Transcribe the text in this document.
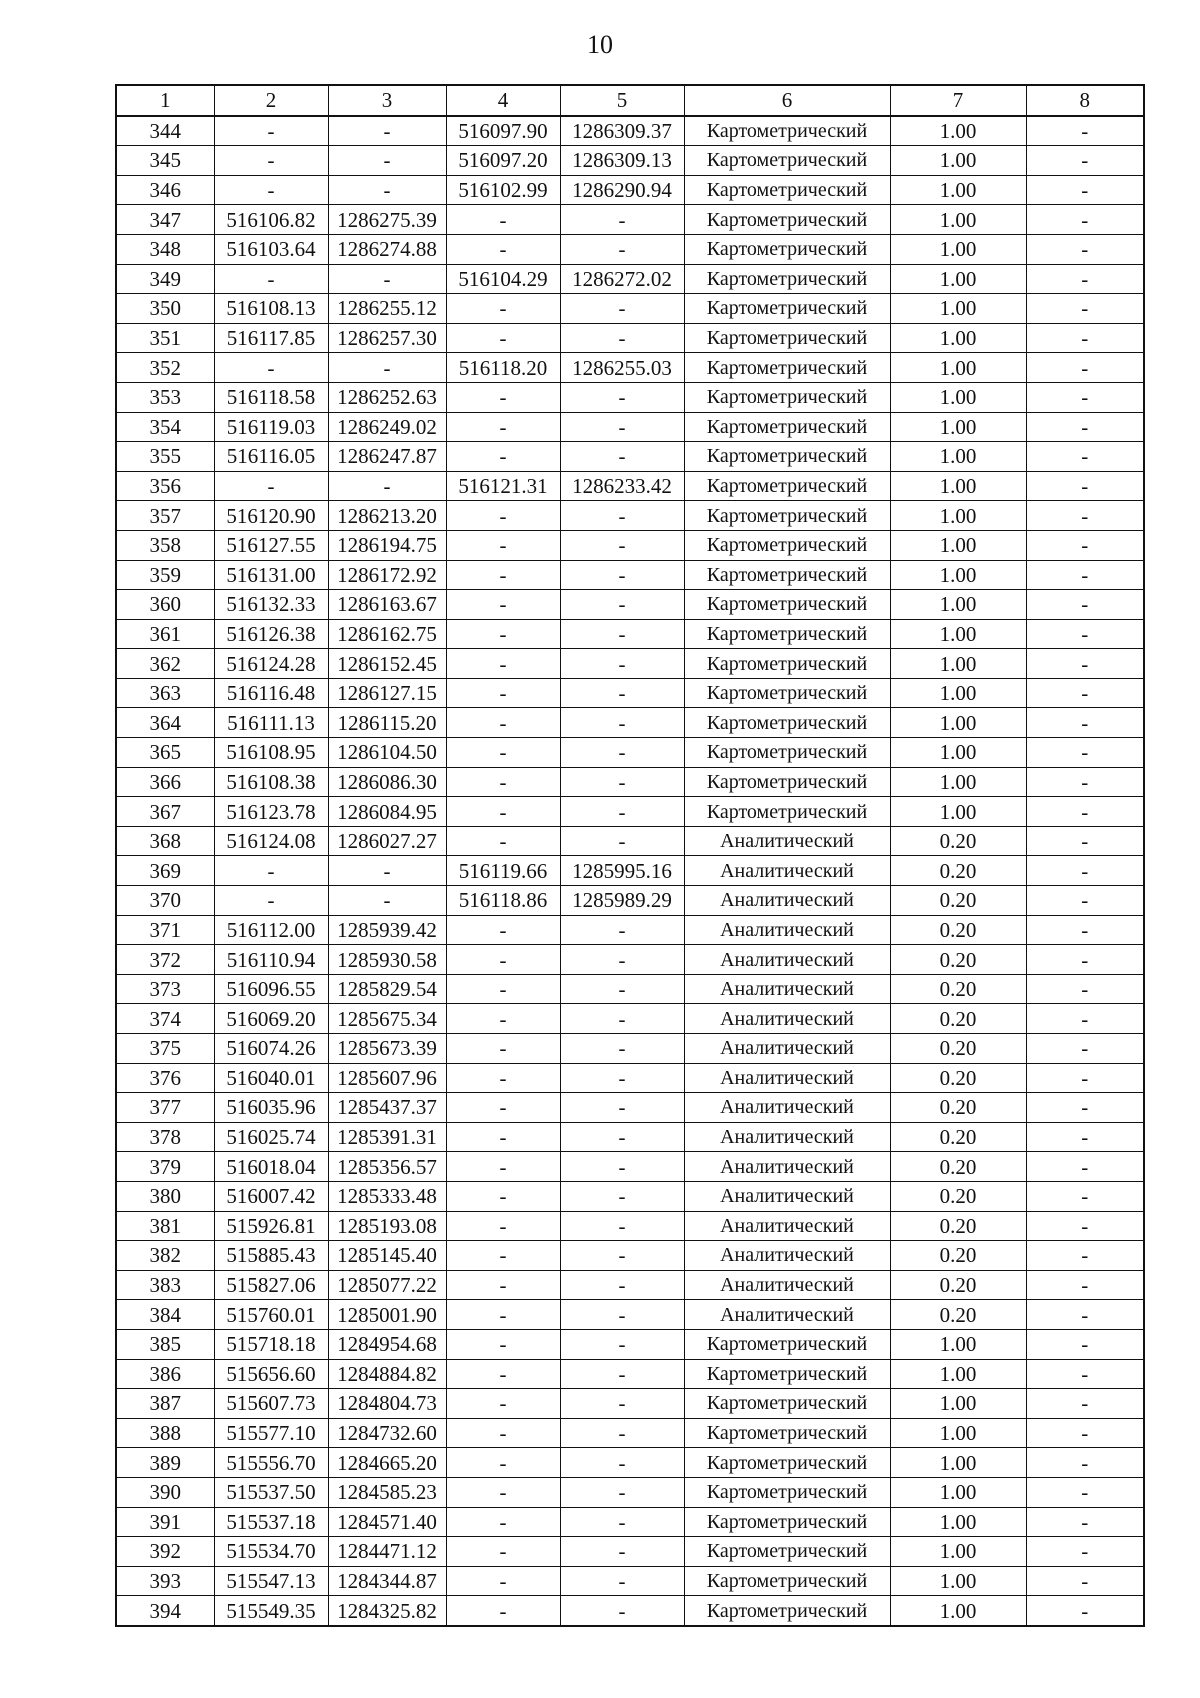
10
1	2	3	4	5	6	7	8
344	-	-	516097.90	1286309.37	Картометрический	1.00	-
345	-	-	516097.20	1286309.13	Картометрический	1.00	-
346	-	-	516102.99	1286290.94	Картометрический	1.00	-
347	516106.82	1286275.39	-	-	Картометрический	1.00	-
348	516103.64	1286274.88	-	-	Картометрический	1.00	-
349	-	-	516104.29	1286272.02	Картометрический	1.00	-
350	516108.13	1286255.12	-	-	Картометрический	1.00	-
351	516117.85	1286257.30	-	-	Картометрический	1.00	-
352	-	-	516118.20	1286255.03	Картометрический	1.00	-
353	516118.58	1286252.63	-	-	Картометрический	1.00	-
354	516119.03	1286249.02	-	-	Картометрический	1.00	-
355	516116.05	1286247.87	-	-	Картометрический	1.00	-
356	-	-	516121.31	1286233.42	Картометрический	1.00	-
357	516120.90	1286213.20	-	-	Картометрический	1.00	-
358	516127.55	1286194.75	-	-	Картометрический	1.00	-
359	516131.00	1286172.92	-	-	Картометрический	1.00	-
360	516132.33	1286163.67	-	-	Картометрический	1.00	-
361	516126.38	1286162.75	-	-	Картометрический	1.00	-
362	516124.28	1286152.45	-	-	Картометрический	1.00	-
363	516116.48	1286127.15	-	-	Картометрический	1.00	-
364	516111.13	1286115.20	-	-	Картометрический	1.00	-
365	516108.95	1286104.50	-	-	Картометрический	1.00	-
366	516108.38	1286086.30	-	-	Картометрический	1.00	-
367	516123.78	1286084.95	-	-	Картометрический	1.00	-
368	516124.08	1286027.27	-	-	Аналитический	0.20	-
369	-	-	516119.66	1285995.16	Аналитический	0.20	-
370	-	-	516118.86	1285989.29	Аналитический	0.20	-
371	516112.00	1285939.42	-	-	Аналитический	0.20	-
372	516110.94	1285930.58	-	-	Аналитический	0.20	-
373	516096.55	1285829.54	-	-	Аналитический	0.20	-
374	516069.20	1285675.34	-	-	Аналитический	0.20	-
375	516074.26	1285673.39	-	-	Аналитический	0.20	-
376	516040.01	1285607.96	-	-	Аналитический	0.20	-
377	516035.96	1285437.37	-	-	Аналитический	0.20	-
378	516025.74	1285391.31	-	-	Аналитический	0.20	-
379	516018.04	1285356.57	-	-	Аналитический	0.20	-
380	516007.42	1285333.48	-	-	Аналитический	0.20	-
381	515926.81	1285193.08	-	-	Аналитический	0.20	-
382	515885.43	1285145.40	-	-	Аналитический	0.20	-
383	515827.06	1285077.22	-	-	Аналитический	0.20	-
384	515760.01	1285001.90	-	-	Аналитический	0.20	-
385	515718.18	1284954.68	-	-	Картометрический	1.00	-
386	515656.60	1284884.82	-	-	Картометрический	1.00	-
387	515607.73	1284804.73	-	-	Картометрический	1.00	-
388	515577.10	1284732.60	-	-	Картометрический	1.00	-
389	515556.70	1284665.20	-	-	Картометрический	1.00	-
390	515537.50	1284585.23	-	-	Картометрический	1.00	-
391	515537.18	1284571.40	-	-	Картометрический	1.00	-
392	515534.70	1284471.12	-	-	Картометрический	1.00	-
393	515547.13	1284344.87	-	-	Картометрический	1.00	-
394	515549.35	1284325.82	-	-	Картометрический	1.00	-
